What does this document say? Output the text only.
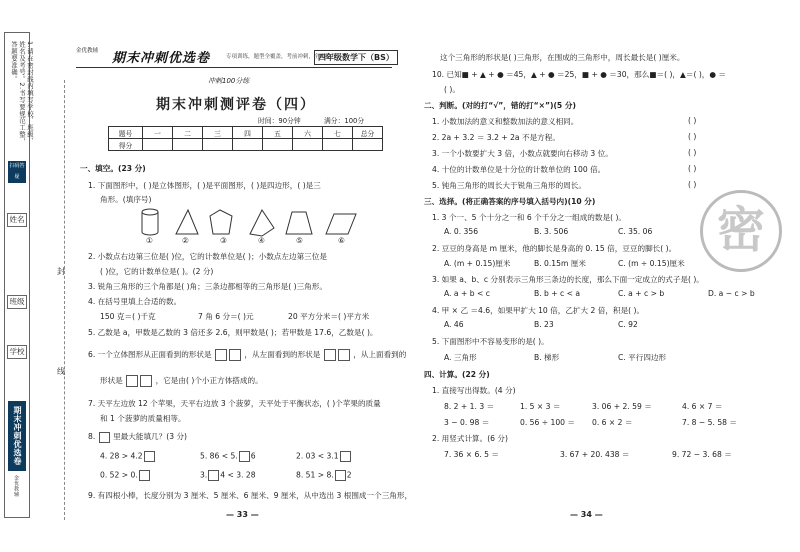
1.请在密封线内填写学校、班级、姓名及考号。2.书写要规范工整，答题要准确。
扫码答疑
姓名
班级
学校
期末冲刺优选卷
金优教辅
封
线
金优教辅 期末冲刺优选卷	专项训练，题型全覆盖，考前冲刺，全面提升
四年级数学下（BS）
冲刺100分练
期末冲刺测评卷（四）
时间：90分钟	满分：100分
题号	一	二	三	四	五	六	七	总分
得分								
一、填空。(23 分)
1. 下面图形中，( )是立体图形，( )是平面图形，( )是四边形，( )是三
角形。(填序号)
①	②	③	④	⑤	⑥
2. 小数点右边第三位是( )位，它的计数单位是( )；小数点左边第三位是
( )位，它的计数单位是( )。(2 分)
3. 锐角三角形的三个角都是( )角；三条边都相等的三角形是( )三角形。
4. 在括号里填上合适的数。
150 克＝( )千克	7 角 6 分＝( )元	20 平方分米＝( )平方米
5. 乙数是 a，甲数是乙数的 3 倍还多 2.6，则甲数是( )；若甲数是 17.6，乙数是( )。
6. 一个立体图形从正面看到的形状是	，从左面看到的形状是	，从上面看到的
形状是	，它是由( )个小正方体搭成的。
7. 天平左边放 12 个苹果，天平右边放 3 个菠萝，天平处于平衡状态，( )个苹果的质量
和 1 个菠萝的质量相等。
8. 里最大能填几？(3 分)
4. 28 > 4.2	5. 86 < 5. 6	2. 03 < 3.1
0. 52 > 0.	3. 4 < 3. 28	8. 51 > 8. 2
9. 有四根小棒，长度分别为 3 厘米、5 厘米、6 厘米、9 厘米，从中选出 3 根围成一个三角形，
— 33 —
这个三角形的形状是( )三角形，在围成的三角形中，周长最长是( )厘米。
10. 已知■ + ▲ + ● ＝45，▲ + ● ＝25，■ + ● ＝30，那么■＝( )，▲＝( )，● ＝
( )。
二、判断。(对的打“√”，错的打“×”)(5 分)
1. 小数加法的意义和整数加法的意义相同。
2. 2a + 3.2 ＝ 3.2 + 2a 不是方程。
3. 一个小数要扩大 3 倍，小数点就要向右移动 3 位。
4. 十位的计数单位是十分位的计数单位的 100 倍。
5. 钝角三角形的周长大于锐角三角形的周长。
( )
( )
( )
( )
( )
三、选择。(将正确答案的序号填入括号内)(10 分)
1. 3 个一、5 个十分之一和 6 个千分之一组成的数是( )。
A. 0. 356	B. 3. 506	C. 35. 06
2. 豆豆的身高是 m 厘米，他的脚长是身高的 0. 15 倍，豆豆的脚长( )。
A. (m + 0.15)厘米	B. 0.15m 厘米	C. (m ÷ 0.15)厘米
3. 如果 a、b、c 分别表示三角形三条边的长度，那么下面一定成立的式子是( )。
A. a + b < c	B. b + c < a	C. a + c > b	D. a − c > b
4. 甲 × 乙 ＝4.6，如果甲扩大 10 倍，乙扩大 2 倍，积是( )。
A. 46	B. 23	C. 92
5. 下面图形中不容易变形的是( )。
A. 三角形	B. 梯形	C. 平行四边形
四、计算。(22 分)
1. 直接写出得数。(4 分)
8. 2 + 1. 3 ＝	1. 5 × 3 ＝	3. 06 + 2. 59 ＝	4. 6 × 7 ＝
3 − 0. 98 ＝	0. 56 ÷ 100 ＝ 0. 6 × 2 ＝	7. 8 − 5. 58 ＝
2. 用竖式计算。(6 分)
7. 36 × 6. 5 ＝	3. 67 + 20. 438 ＝	9. 72 − 3. 68 ＝
— 34 —
密
